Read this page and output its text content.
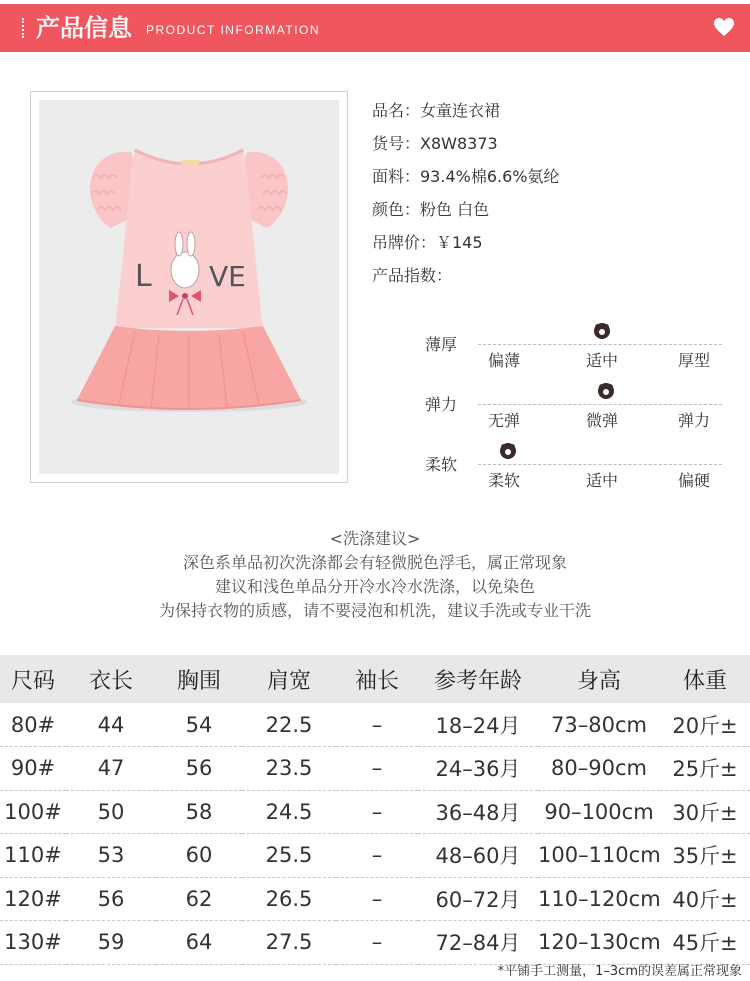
产品信息 PRODUCT INFORMATION
L VE
品名：女童连衣裙
货号：X8W8373
面料：93.4%棉6.6%氨纶
颜色：粉色 白色
吊牌价：￥145
产品指数：
薄厚
偏薄	适中	厚型
弹力
无弹	微弹	弹力
柔软
柔软	适中	偏硬
<洗涤建议>
深色系单品初次洗涤都会有轻微脱色浮毛，属正常现象
建议和浅色单品分开冷水冷水洗涤，以免染色
为保持衣物的质感，请不要浸泡和机洗，建议手洗或专业干洗
尺码	衣长	胸围	肩宽	袖长	参考年龄	身高	体重
80#	44	54	22.5	–	18–24月	73–80cm	20斤±
90#	47	56	23.5	–	24–36月	80–90cm	25斤±
100#	50	58	24.5	–	36–48月	90–100cm	30斤±
110#	53	60	25.5	–	48–60月	100–110cm	35斤±
120#	56	62	26.5	–	60–72月	110–120cm	40斤±
130#	59	64	27.5	–	72–84月	120–130cm	45斤±
*平铺手工测量，1–3cm的误差属正常现象
